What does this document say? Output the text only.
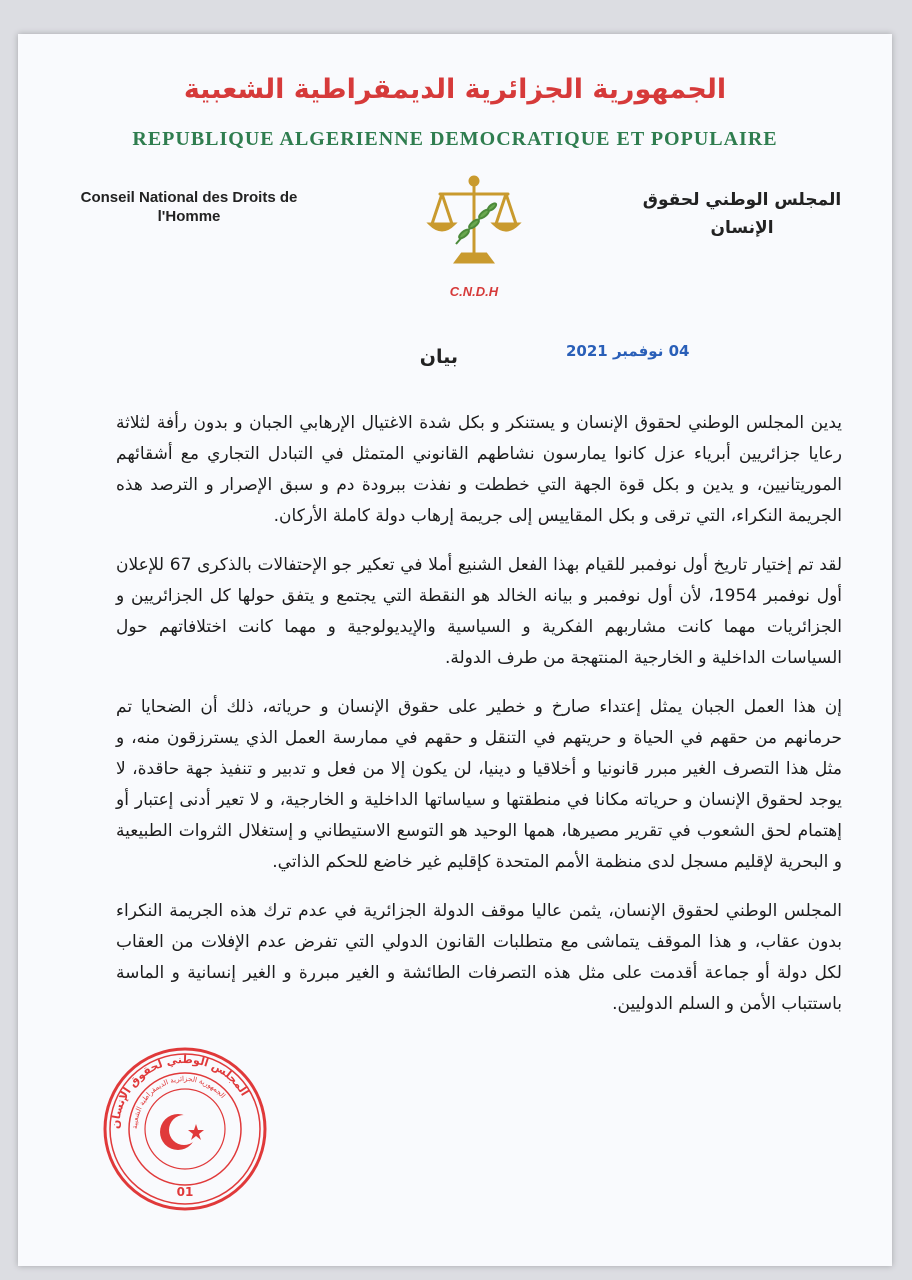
الجمهورية الجزائرية الديمقراطية الشعبية
REPUBLIQUE ALGERIENNE DEMOCRATIQUE ET POPULAIRE
Conseil National des Droits de
l'Homme
المجلس الوطني لحقوق
الإنسان
C.N.D.H
04 نوفمبر 2021
بيان

يدين المجلس الوطني لحقوق الإنسان و يستنكر و بكل شدة الاغتيال الإرهابي الجبان و بدون رأفة لثلاثة رعايا جزائريين أبرياء عزل كانوا يمارسون نشاطهم القانوني المتمثل في التبادل التجاري مع أشقائهم الموريتانيين، و يدين و بكل قوة الجهة التي خططت و نفذت ببرودة دم و سبق الإصرار و الترصد هذه الجريمة النكراء، التي ترقى و بكل المقاييس إلى جريمة إرهاب دولة كاملة الأركان.

لقد تم إختيار تاريخ أول نوفمبر للقيام بهذا الفعل الشنيع أملا في تعكير جو الإحتفالات بالذكرى 67 للإعلان أول نوفمبر 1954، لأن أول نوفمبر و بيانه الخالد هو النقطة التي يجتمع و يتفق حولها كل الجزائريين و الجزائريات مهما كانت مشاربهم الفكرية و السياسية والإيديولوجية و مهما كانت اختلافاتهم حول السياسات الداخلية و الخارجية المنتهجة من طرف الدولة.

إن هذا العمل الجبان يمثل إعتداء صارخ و خطير على حقوق الإنسان و حرياته، ذلك أن الضحايا تم حرمانهم من حقهم في الحياة و حريتهم في التنقل و حقهم في ممارسة العمل الذي يسترزقون منه، و مثل هذا التصرف الغير مبرر قانونيا و أخلاقيا و دينيا، لن يكون إلا من فعل و تدبير و تنفيذ جهة حاقدة، لا يوجد لحقوق الإنسان و حرياته مكانا في منطقتها و سياساتها الداخلية و الخارجية، و لا تعير أدنى إعتبار أو إهتمام لحق الشعوب في تقرير مصيرها، همها الوحيد هو التوسع الاستيطاني و إستغلال الثروات الطبيعية و البحرية لإقليم مسجل لدى منظمة الأمم المتحدة كإقليم غير خاضع للحكم الذاتي.

المجلس الوطني لحقوق الإنسان، يثمن عاليا موقف الدولة الجزائرية في عدم ترك هذه الجريمة النكراء بدون عقاب، و هذا الموقف يتماشى مع متطلبات القانون الدولي التي تفرض عدم الإفلات من العقاب لكل دولة أو جماعة أقدمت على مثل هذه التصرفات الطائشة و الغير مبررة و الغير إنسانية و الماسة باستتباب الأمن و السلم الدوليين.

المجلس الوطني لحقوق الإنسان
الجمهورية الجزائرية الديمقراطية الشعبية
01
